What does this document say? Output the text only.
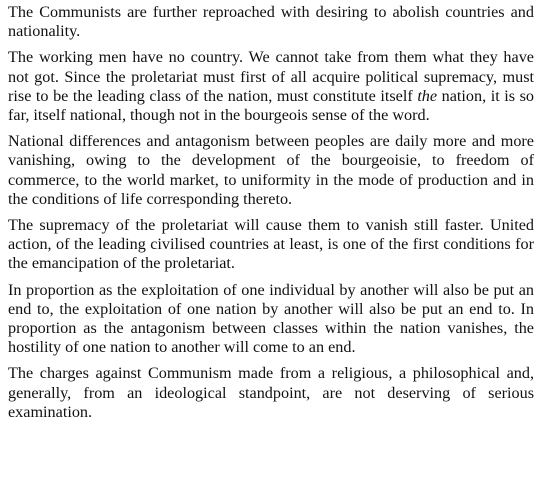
The Communists are further reproached with desiring to abolish countries and nationality.

The working men have no country. We cannot take from them what they have not got. Since the proletariat must first of all acquire political supremacy, must rise to be the leading class of the nation, must constitute itself the nation, it is so far, itself national, though not in the bourgeois sense of the word.

National differences and antagonism between peoples are daily more and more vanishing, owing to the development of the bourgeoisie, to freedom of commerce, to the world market, to uniformity in the mode of production and in the conditions of life corresponding thereto.

The supremacy of the proletariat will cause them to vanish still faster. United action, of the leading civilised countries at least, is one of the first conditions for the emancipation of the proletariat.

In proportion as the exploitation of one individual by another will also be put an end to, the exploitation of one nation by another will also be put an end to. In proportion as the antagonism between classes within the nation vanishes, the hostility of one nation to another will come to an end.

The charges against Communism made from a religious, a philosophical and, generally, from an ideological standpoint, are not deserving of serious examination.
